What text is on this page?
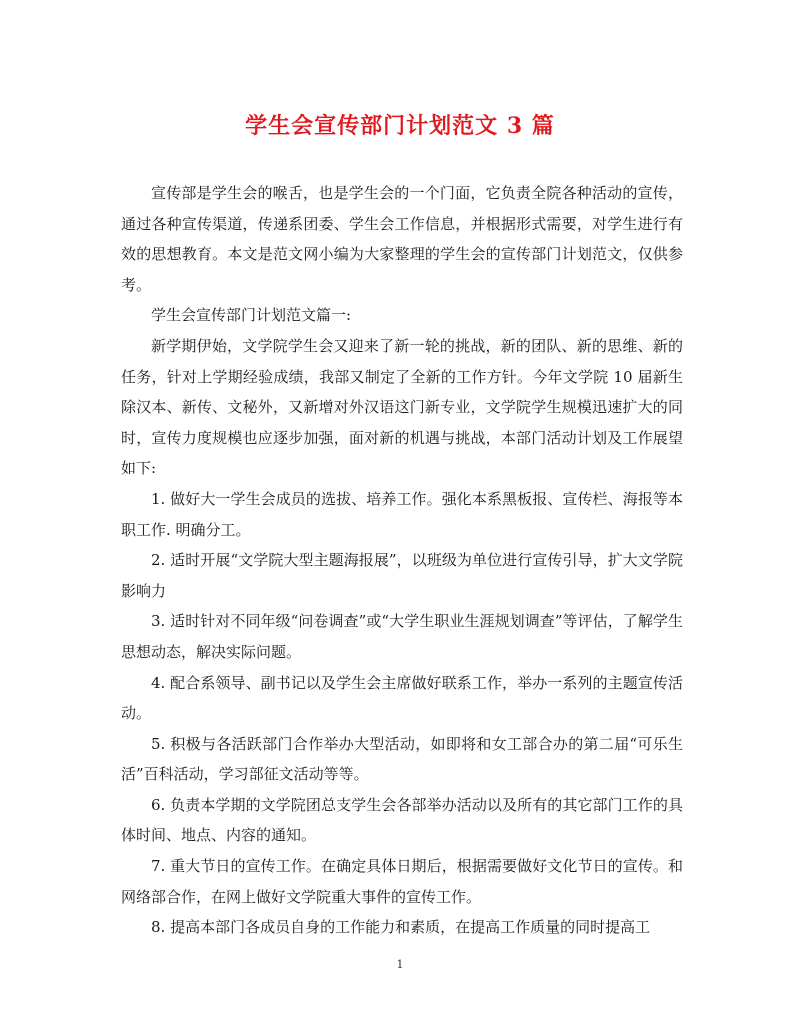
学生会宣传部门计划范文 3 篇

宣传部是学生会的喉舌，也是学生会的一个门面，它负责全院各种活动的宣传，通过各种宣传渠道，传递系团委、学生会工作信息，并根据形式需要，对学生进行有效的思想教育。本文是范文网小编为大家整理的学生会的宣传部门计划范文，仅供参考。

学生会宣传部门计划范文篇一:

新学期伊始，文学院学生会又迎来了新一轮的挑战，新的团队、新的思维、新的任务，针对上学期经验成绩，我部又制定了全新的工作方针。今年文学院 10 届新生除汉本、新传、文秘外，又新增对外汉语这门新专业，文学院学生规模迅速扩大的同时，宣传力度规模也应逐步加强，面对新的机遇与挑战，本部门活动计划及工作展望如下:

1. 做好大一学生会成员的选拔、培养工作。强化本系黑板报、宣传栏、海报等本职工作. 明确分工。

2. 适时开展“文学院大型主题海报展”，以班级为单位进行宣传引导，扩大文学院影响力

3. 适时针对不同年级“问卷调查”或“大学生职业生涯规划调查”等评估，了解学生思想动态，解决实际问题。

4. 配合系领导、副书记以及学生会主席做好联系工作，举办一系列的主题宣传活动。

5. 积极与各活跃部门合作举办大型活动，如即将和女工部合办的第二届“可乐生活”百科活动，学习部征文活动等等。

6. 负责本学期的文学院团总支学生会各部举办活动以及所有的其它部门工作的具体时间、地点、内容的通知。

7. 重大节日的宣传工作。在确定具体日期后，根据需要做好文化节日的宣传。和网络部合作，在网上做好文学院重大事件的宣传工作。

8. 提高本部门各成员自身的工作能力和素质，在提高工作质量的同时提高工

1
